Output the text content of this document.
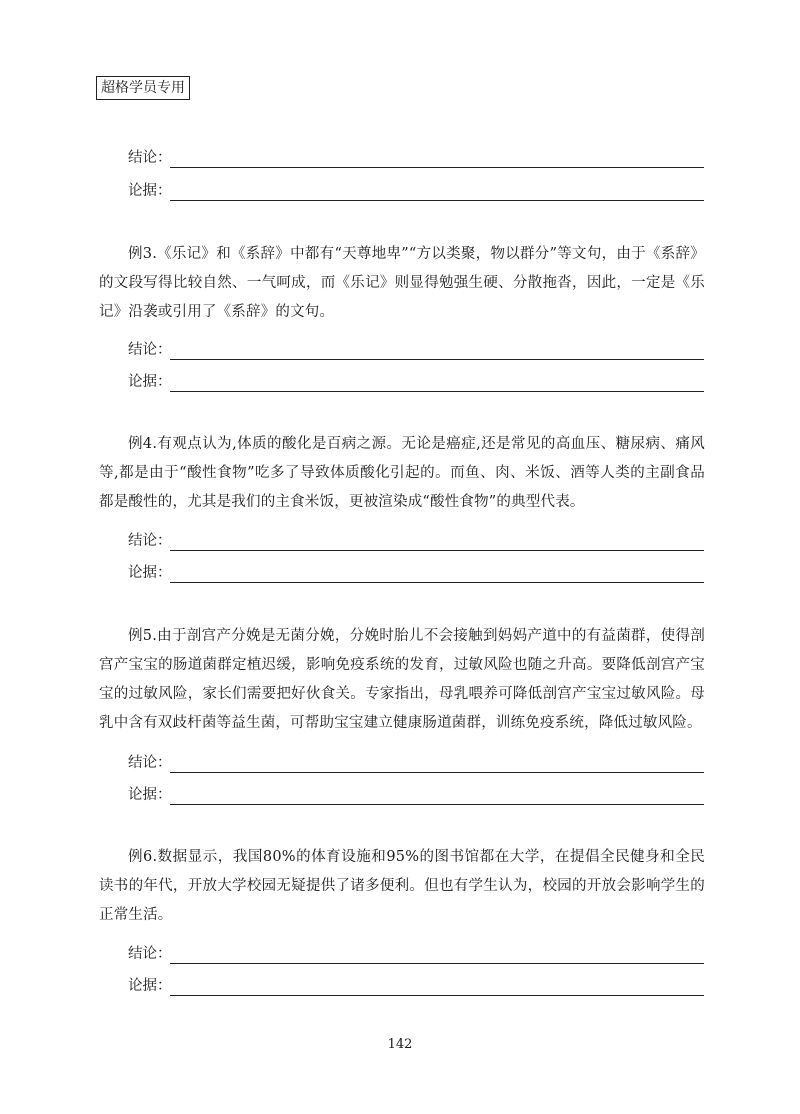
超格学员专用
结论：
论据：

例3.《乐记》和《系辞》中都有“天尊地卑”“方以类聚，物以群分”等文句，由于《系辞》的文段写得比较自然、一气呵成，而《乐记》则显得勉强生硬、分散拖沓，因此，一定是《乐记》沿袭或引用了《系辞》的文句。

结论：
论据：

例4.有观点认为,体质的酸化是百病之源。无论是癌症,还是常见的高血压、糖尿病、痛风等,都是由于“酸性食物”吃多了导致体质酸化引起的。而鱼、肉、米饭、酒等人类的主副食品都是酸性的，尤其是我们的主食米饭，更被渲染成“酸性食物”的典型代表。

结论：
论据：

例5.由于剖宫产分娩是无菌分娩，分娩时胎儿不会接触到妈妈产道中的有益菌群，使得剖宫产宝宝的肠道菌群定植迟缓，影响免疫系统的发育，过敏风险也随之升高。要降低剖宫产宝宝的过敏风险，家长们需要把好伙食关。专家指出，母乳喂养可降低剖宫产宝宝过敏风险。母乳中含有双歧杆菌等益生菌，可帮助宝宝建立健康肠道菌群，训练免疫系统，降低过敏风险。

结论：
论据：

例6.数据显示，我国80%的体育设施和95%的图书馆都在大学，在提倡全民健身和全民读书的年代，开放大学校园无疑提供了诸多便利。但也有学生认为，校园的开放会影响学生的正常生活。

结论：
论据：
142
